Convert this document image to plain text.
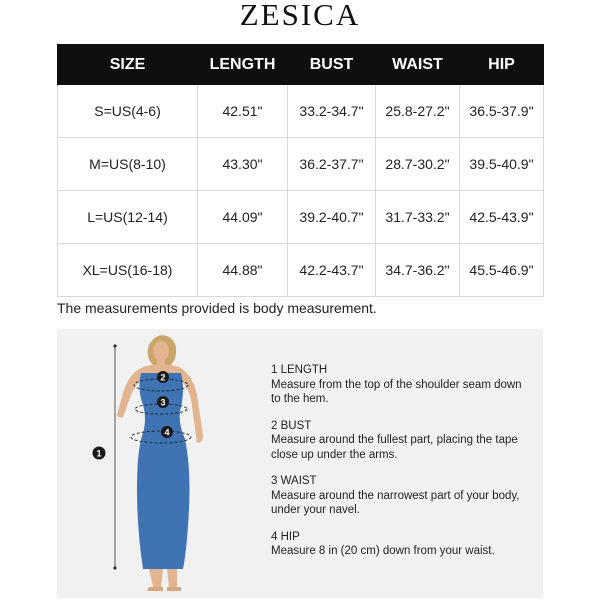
ZESICA
SIZE	LENGTH	BUST	WAIST	HIP
S=US(4-6)	42.51"	33.2-34.7"	25.8-27.2"	36.5-37.9"
M=US(8-10)	43.30"	36.2-37.7"	28.7-30.2"	39.5-40.9"
L=US(12-14)	44.09"	39.2-40.7"	31.7-33.2"	42.5-43.9"
XL=US(16-18)	44.88"	42.2-43.7"	34.7-36.2"	45.5-46.9"
The measurements provided is body measurement.
1
2
3
4
1 LENGTH
Measure from the top of the shoulder seam down to the hem.
2 BUST
Measure around the fullest part, placing the tape close up under the arms.
3 WAIST
Measure around the narrowest part of your body, under your navel.
4 HIP
Measure 8 in (20 cm) down from your waist.
